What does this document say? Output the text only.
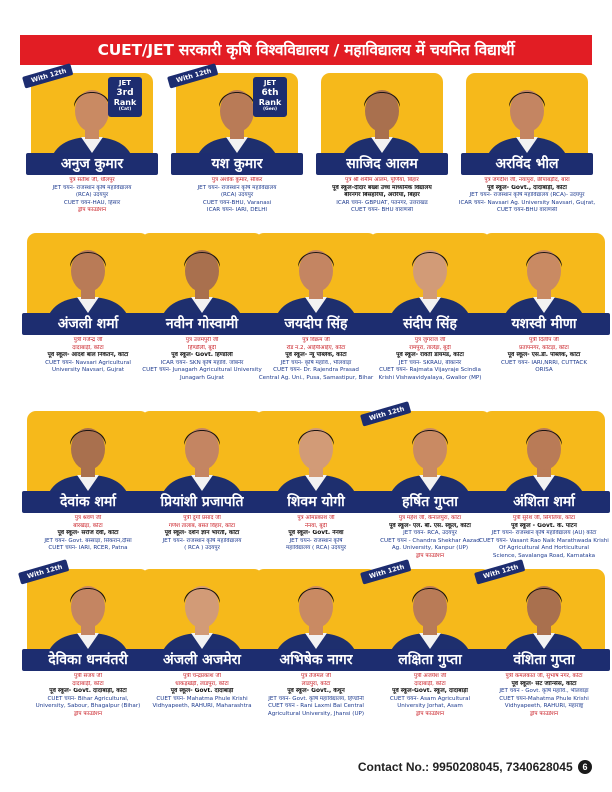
CUET/JET सरकारी कृषि विश्वविद्यालय / महाविद्यालय में चयनित विद्यार्थी
With 12th	JET
3rd
Rank
(Cat)
अनुज कुमार

पुत्र सतीश जी, धौलपुर

JET चयन- राजस्थान कृषि महाविद्यालय

(RCA) उदयपुर

CUET चयन-HAU, हिसार

ड्रॉप फाउंडेशन

With 12th	JET
6th
Rank
(Gen)
यश कुमार

पुत्र अशोक कुमार, सीकर

JET चयन- राजस्थान कृषि महाविद्यालय

(RCA) उदयपुर

CUET चयन-BHU, Varanasi

ICAR चयन- IARI, DELHI

साजिद आलम

पुत्र श्री शमीम आलम, पूर्णिया, बिहार

पूर्व स्कूल-दीदार बख्श उच्च माध्यमिक विद्यालय

बीरनगर बिसहरिया, अररिया, बिहार

ICAR चयन- GBPUAT, पंतनगर, उत्तराखंड

CUET चयन- BHU वाराणसी

अरविंद भील

पुत्र जगदीश जी, नयापुरा, छीपाबड़ौद, बारां

पूर्व स्कूल- Govt., दादाबाड़ी, कोटा

JET चयन- राजस्थान कृषि महाविद्यालय (RCA)- उदयपुर

ICAR चयन- Navsari Ag. University Navsari, Gujrat,

CUET चयन-BHU वाराणसी

अंजली शर्मा

पुत्री गजेन्द्र जी

दादाबाड़ी, कोटा

पूर्व स्कूल- आदर्श बाल निकेतन, कोटा

CUET चयन- Navsari Agricultural

University Navsari, Gujrat

नवीन गोस्वामी

पुत्र उत्तमपुरी जी

हिण्डौली, बूंदी

पूर्व स्कूल- Govt. हिण्डौली

ICAR चयन- SKN कृषि महावि. जोबनेर

CUET चयन- Junagarh Agricultural University

Junagarh Gujrat

जयदीप सिंह

पुत्र विक्रम जी

रोड न.2, आईपीआईए, कोटा

पूर्व स्कूल- न्यू पब्लिक, कोटा

JET चयन- कृषि महावि., भीलवाड़ा

CUET चयन- Dr. Rajendra Prasad

Central Ag. Uni., Pusa, Samastipur, Bihar

संदीप सिंह

पुत्र जुगराज जी

रामपुरा, तालेड़ा, बूंदी

पूर्व स्कूल- रावती डायमंड, कोटा

JET चयन- SKRAU, बीकानेर

CUET चयन- Rajmata Vijayraje Scindia

Krishi Vishwavidyalaya, Gwalior (MP)

यशस्वी मीणा

पुत्री दिलीप जी

प्रतापनगर, कोटड़ा, कोटा

पूर्व स्कूल- एस.डी. पब्लिक, कोटा

CUET चयन- IARI,NRRI, CUTTACK

ORISA

देवांक शर्मा

पुत्र श्रवण जी

बोरखेड़ा, कोटा

पूर्व स्कूल- सरोज देवी, कोटा

JET चयन- Govt. बस्साड़ा, सिकरान,दौसा

CUET चयन- IARI, RCER, Patna

प्रियांशी प्रजापति

पुत्री दुर्गा प्रसाद जी

गणेश तालाब, बसंत विहार, कोटा

पूर्व स्कूल- दर्शन ज्ञान भारती, कोटा

JET चयन- राजस्थान कृषि महाविद्यालय

( RCA ) उदयपुर

शिवम योगी

पुत्र ओमप्रकाश जी

नेनवा, बूंदी

पूर्व स्कूल- Govt. नेनवा

JET चयन- राजस्थान कृषि

महाविद्यालय ( RCA) उदयपुर

With 12th
हर्षित गुप्ता

पुत्र महेश जी, केनालपुरा, कोटा

पूर्व स्कूल- एल. बी. एस. स्कूल, कोटा

JET चयन- RCA, उदयपुर

CUET चयन - Chandra Shekhar Aazad

Ag. University, Kanpur (UP)

ड्रॉप फाउंडेशन

अंशिता शर्मा

पुत्री सुरेश जी, सिंगलिया, कोटा

पूर्व स्कूल - Govt. के. पाटन

JET चयन- राजस्थान कृषि महाविद्यालय (AU) कोटा

CUET चयन- Vasant Rao Naik Marathwada Krishi

Of Agricultural And Horticultural

Science, Savalanga Road, Karnataka

With 12th
देविका धनवंतरी

पुत्री संजय जी

दादाबाड़ी, कोटा

पूर्व स्कूल- Govt. दादाबाड़ी, कोटा

CUET चयन- Bihar Agricultural,

University, Sabour, Bhagalpur (Bihar)

ड्रॉप फाउंडेशन

अंजली अजमेरा

पुत्री चन्द्रप्रकाश जी

धाकड़खेड़ी, लाडपुरा, कोटा

पूर्व स्कूल- Govt. दादाबाड़ी

CUET चयन- Mahatma Phule Krishi

Vidhyapeeth, RAHURI, Maharashtra

अभिषेक नागर

पुत्र तेजमल जी

लाडपुरा, कोटा

पूर्व स्कूल- Govt., कैथून

JET चयन- Govt. कृषि महाविद्यालय, हिण्डौनी

CUET चयन - Rani Laxmi Bai Central

Agricultural University, Jhansi (UP)

With 12th
लक्षिता गुप्ता

पुत्री अजयेश जी

दादाबाड़ी, कोटा

पूर्व स्कूल-Govt. स्कूल, दादाबाड़ी

CUET चयन- Asam Agricultural

University Jorhat, Asam

ड्रॉप फाउंडेशन

With 12th
वंशिता गुप्ता

पुत्री कमलकांत जी, सुभाष नगर, कोटा

पूर्व स्कूल- सेंट जॉन्सिस, कोटा

JET चयन - Govt. कृषि महावि., भीलवाड़ा

CUET चयन-Mahatma Phule Krishi

Vidhyapeeth, RAHURI, महाराष्ट्र

ड्रॉप फाउंडेशन

Contact No.: 9950208045, 7340628045 6
